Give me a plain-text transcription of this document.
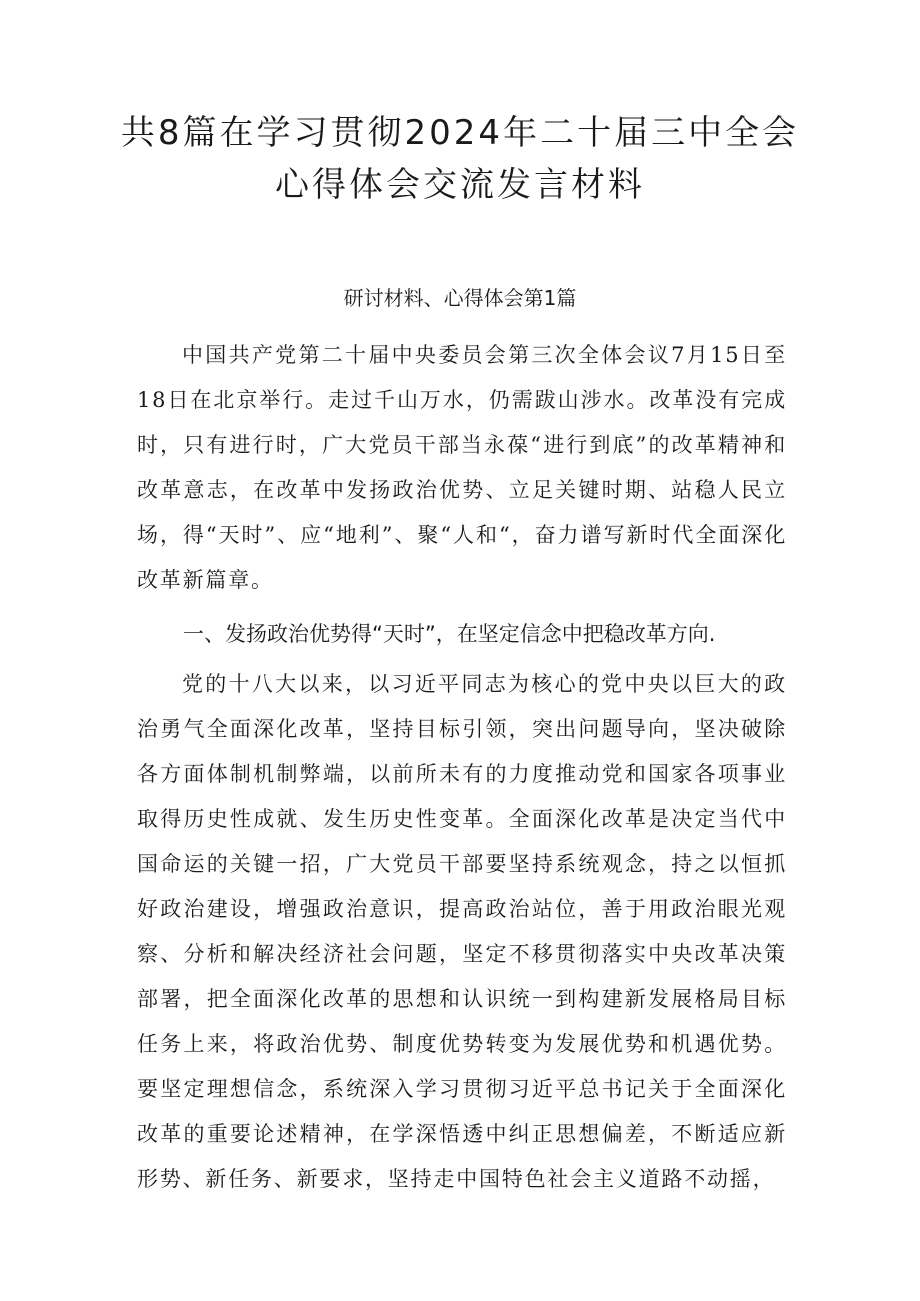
共8篇在学习贯彻2024年二十届三中全会
心得体会交流发言材料
研讨材料、心得体会第1篇

中国共产党第二十届中央委员会第三次全体会议7月15日至18日在北京举行。走过千山万水，仍需跋山涉水。改革没有完成时，只有进行时，广大党员干部当永葆“进行到底”的改革精神和改革意志，在改革中发扬政治优势、立足关键时期、站稳人民立场，得“天时”、应“地利”、聚“人和“，奋力谱写新时代全面深化改革新篇章。

一、发扬政治优势得“天时”，在坚定信念中把稳改革方向.

党的十八大以来，以习近平同志为核心的党中央以巨大的政治勇气全面深化改革，坚持目标引领，突出问题导向，坚决破除各方面体制机制弊端，以前所未有的力度推动党和国家各项事业取得历史性成就、发生历史性变革。全面深化改革是决定当代中国命运的关键一招，广大党员干部要坚持系统观念，持之以恒抓好政治建设，增强政治意识，提高政治站位，善于用政治眼光观察、分析和解决经济社会问题，坚定不移贯彻落实中央改革决策部署，把全面深化改革的思想和认识统一到构建新发展格局目标任务上来，将政治优势、制度优势转变为发展优势和机遇优势。要坚定理想信念，系统深入学习贯彻习近平总书记关于全面深化改革的重要论述精神，在学深悟透中纠正思想偏差，不断适应新形势、新任务、新要求，坚持走中国特色社会主义道路不动摇，
